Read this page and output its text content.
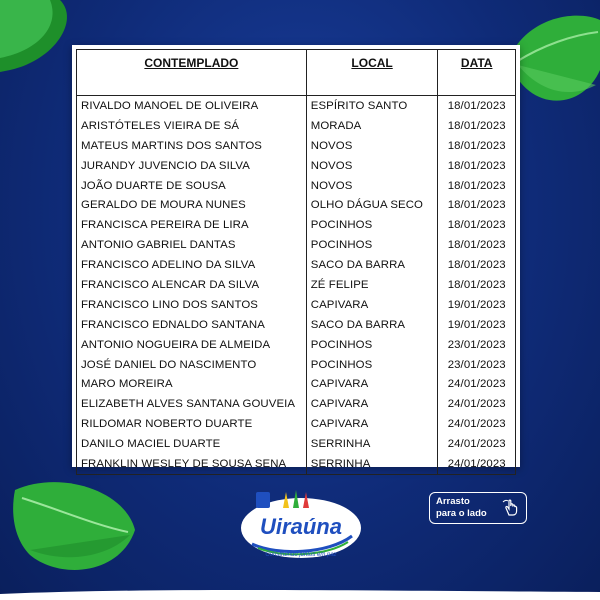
CONTEMPLADO	LOCAL	DATA
RIVALDO MANOEL DE OLIVEIRA	ESPÍRITO SANTO	18/01/2023
ARISTÓTELES VIEIRA DE SÁ	MORADA	18/01/2023
MATEUS MARTINS DOS SANTOS	NOVOS	18/01/2023
JURANDY JUVENCIO DA SILVA	NOVOS	18/01/2023
JOÃO DUARTE DE SOUSA	NOVOS	18/01/2023
GERALDO DE MOURA NUNES	OLHO DÁGUA SECO	18/01/2023
FRANCISCA PEREIRA DE LIRA	POCINHOS	18/01/2023
ANTONIO GABRIEL DANTAS	POCINHOS	18/01/2023
FRANCISCO ADELINO DA SILVA	SACO DA BARRA	18/01/2023
FRANCISCO ALENCAR DA SILVA	ZÉ FELIPE	18/01/2023
FRANCISCO LINO DOS SANTOS	CAPIVARA	19/01/2023
FRANCISCO EDNALDO SANTANA	SACO DA BARRA	19/01/2023
ANTONIO NOGUEIRA DE ALMEIDA	POCINHOS	23/01/2023
JOSÉ DANIEL DO NASCIMENTO	POCINHOS	23/01/2023
MARO MOREIRA	CAPIVARA	24/01/2023
ELIZABETH ALVES SANTANA GOUVEIA	CAPIVARA	24/01/2023
RILDOMAR NOBERTO DUARTE	CAPIVARA	24/01/2023
DANILO MACIEL DUARTE	SERRINHA	24/01/2023
FRANKLIN WESLEY DE SOUSA SENA	SERRINHA	24/01/2023
Uiraúna
Construindo juntos em paz
Arrasto
para o lado
